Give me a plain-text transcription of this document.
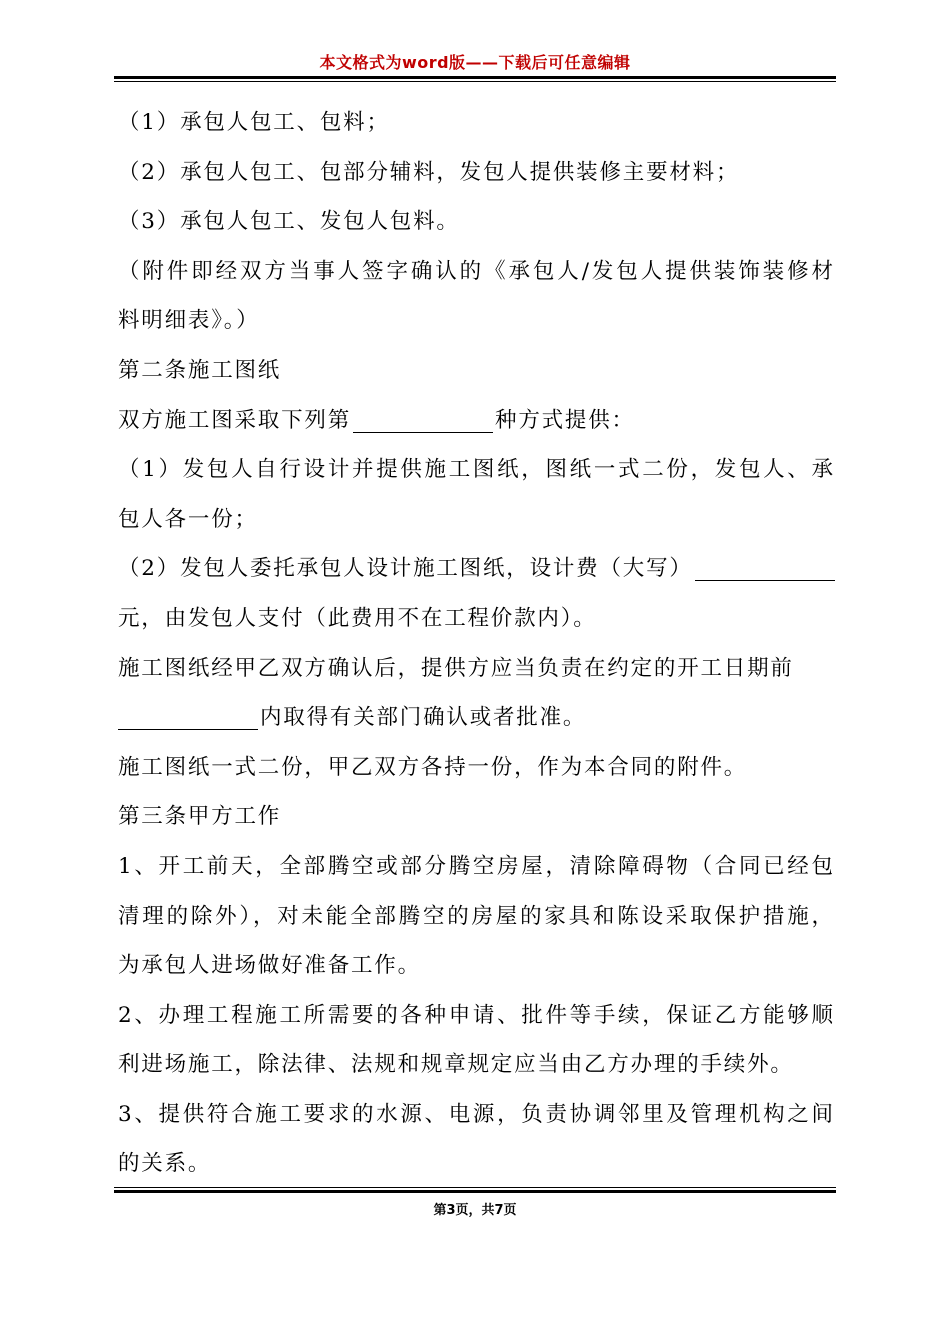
本文格式为word版——下载后可任意编辑
（1）承包人包工、包料；
（2）承包人包工、包部分辅料，发包人提供装修主要材料；
（3）承包人包工、发包人包料。
（附件即经双方当事人签字确认的《承包人/发包人提供装饰装修材
料明细表》。）
第二条施工图纸
双方施工图采取下列第	种方式提供：
（1）发包人自行设计并提供施工图纸，图纸一式二份，发包人、承
包人各一份；
（2）发包人委托承包人设计施工图纸，设计费（大写）
元，由发包人支付（此费用不在工程价款内）。
施工图纸经甲乙双方确认后，提供方应当负责在约定的开工日期前
内取得有关部门确认或者批准。
施工图纸一式二份，甲乙双方各持一份，作为本合同的附件。
第三条甲方工作
1、开工前天，全部腾空或部分腾空房屋，清除障碍物（合同已经包
清理的除外），对未能全部腾空的房屋的家具和陈设采取保护措施，
为承包人进场做好准备工作。
2、办理工程施工所需要的各种申请、批件等手续，保证乙方能够顺
利进场施工，除法律、法规和规章规定应当由乙方办理的手续外。
3、提供符合施工要求的水源、电源，负责协调邻里及管理机构之间
的关系。
第3页，共7页
